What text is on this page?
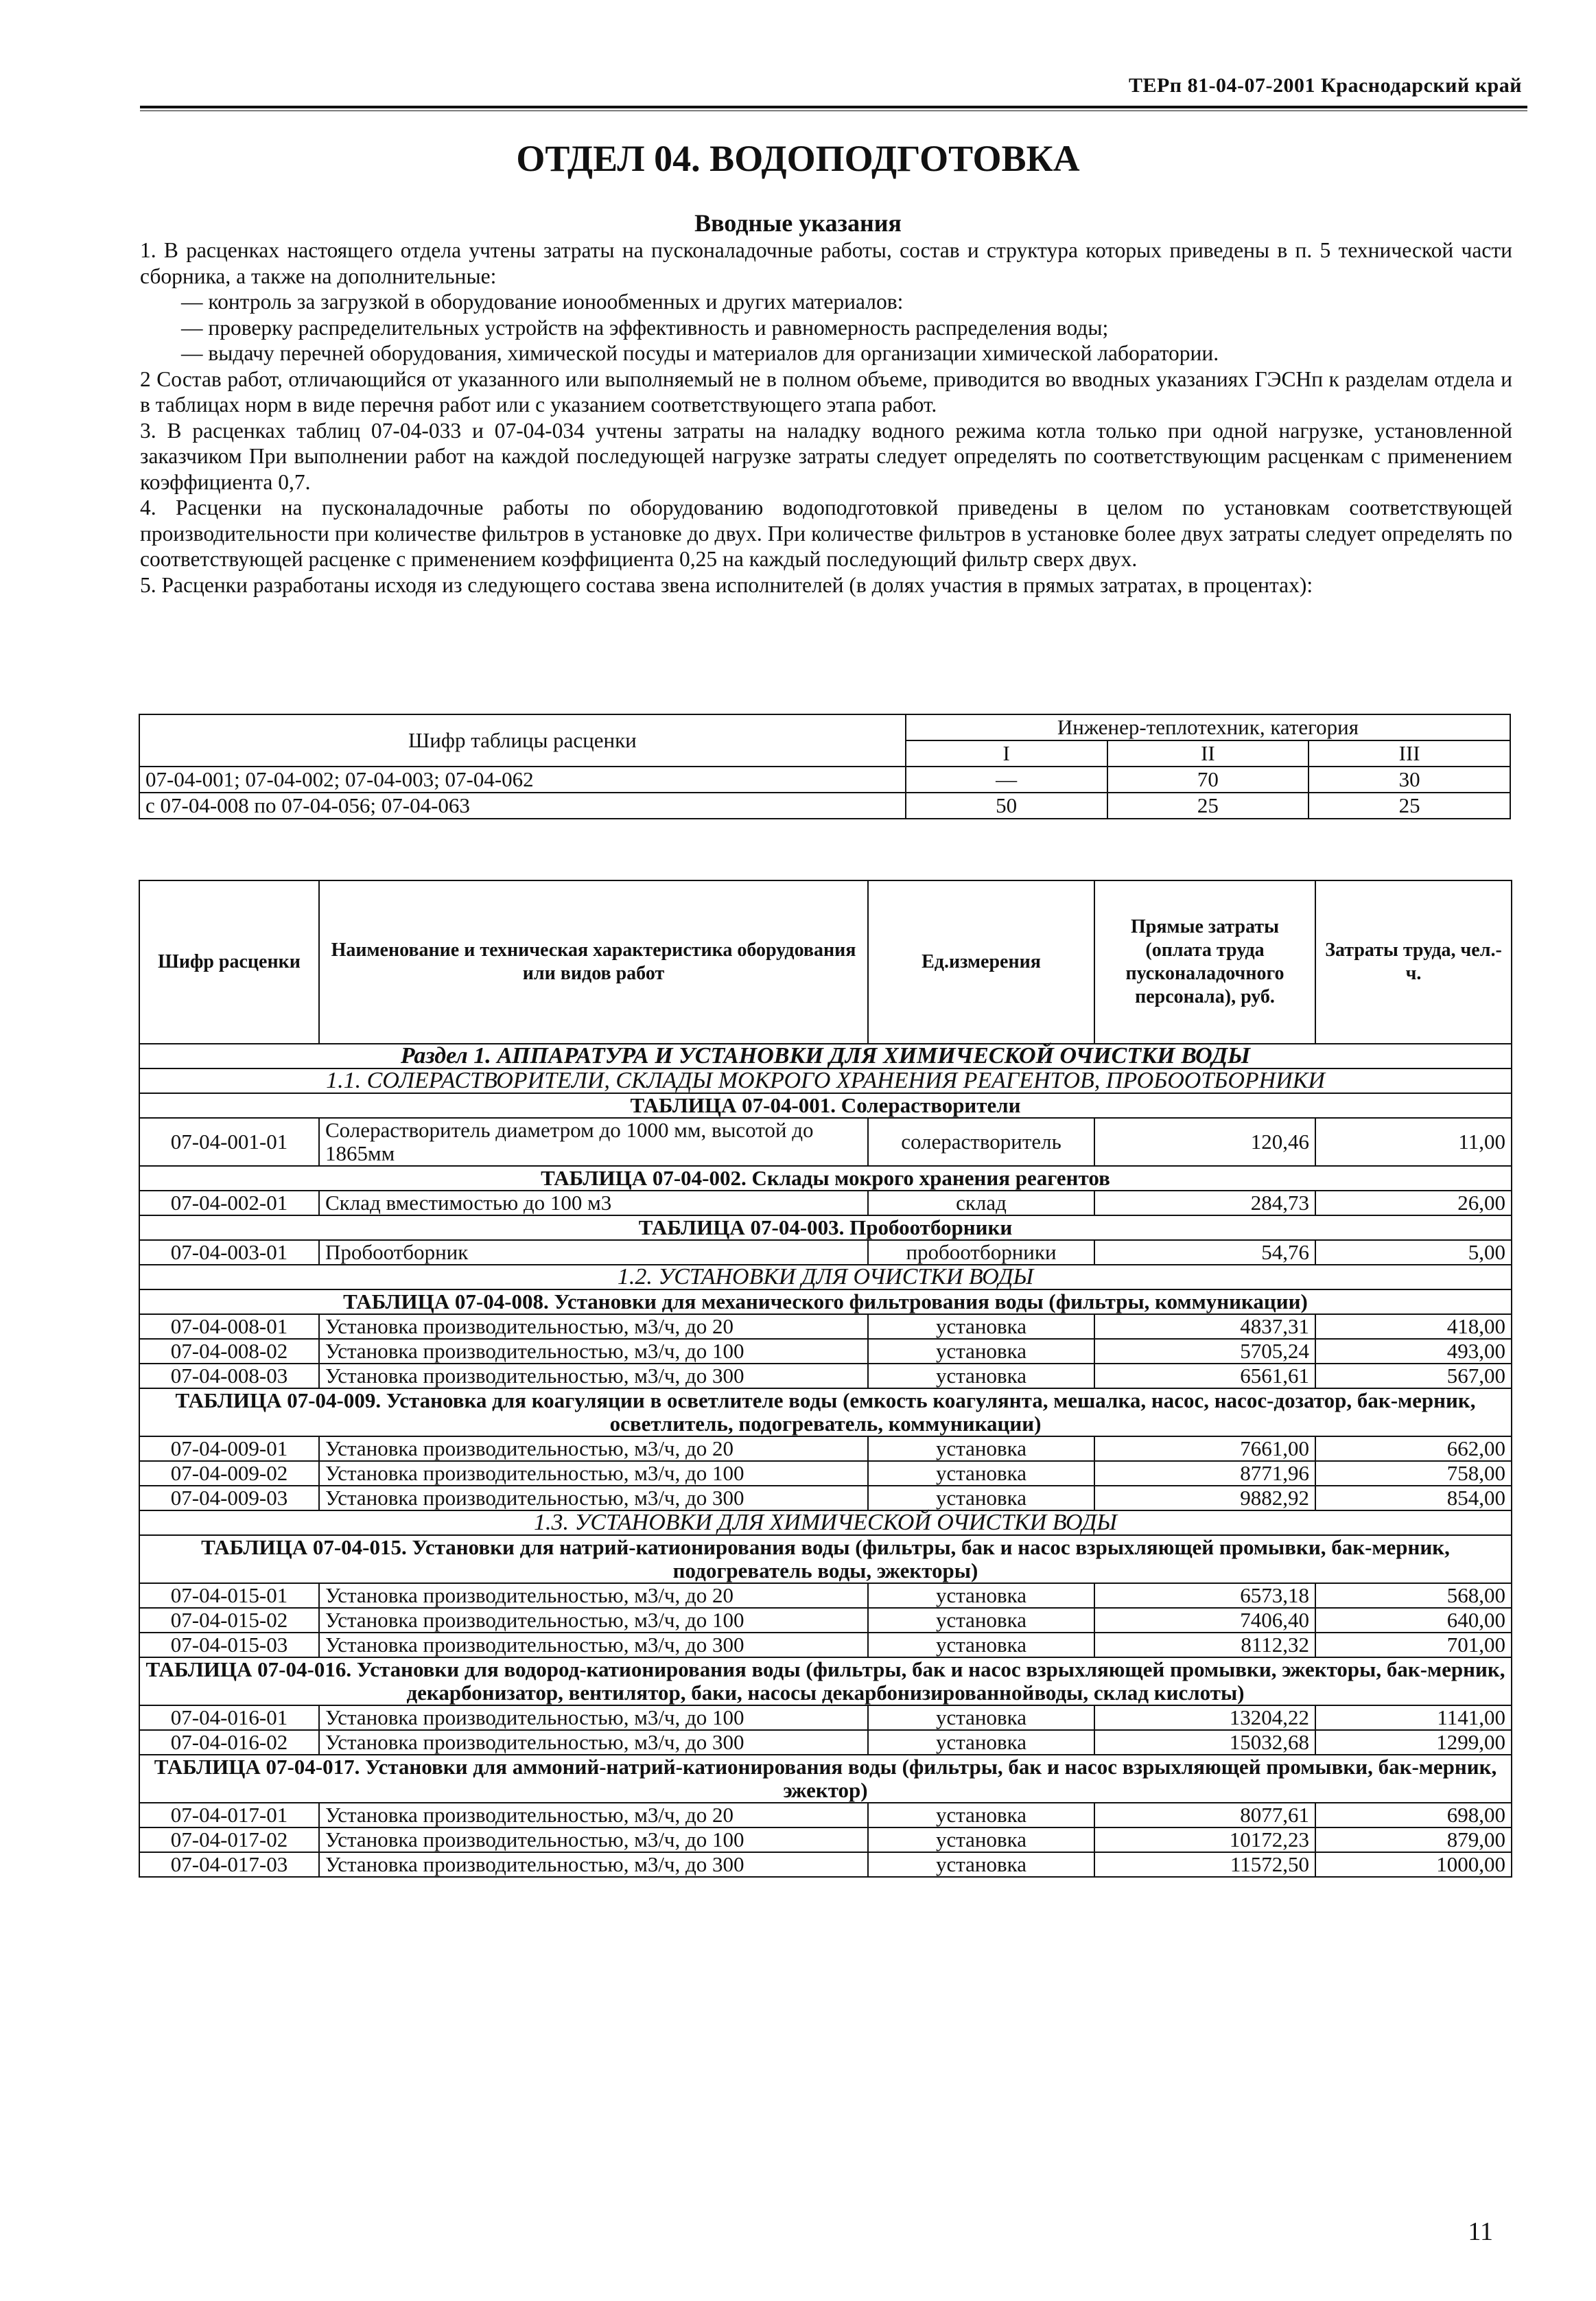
ТЕРп 81-04-07-2001 Краснодарский край
ОТДЕЛ 04. ВОДОПОДГОТОВКА
Вводные указания

1. В расценках настоящего отдела учтены затраты на пусконаладочные работы, состав и структура которых приведены в п. 5 технической части сборника, а также на дополнительные:

— контроль за загрузкой в оборудование ионообменных и других материалов:

— проверку распределительных устройств на эффективность и равномерность распределения воды;

— выдачу перечней оборудования, химической посуды и материалов для организации химической лаборатории.

2 Состав работ, отличающийся от указанного или выполняемый не в полном объеме, приводится во вводных указаниях ГЭСНп к разделам отдела и в таблицах норм в виде перечня работ или с указанием соответствующего этапа работ.

3. В расценках таблиц 07-04-033 и 07-04-034 учтены затраты на наладку водного режима котла только при одной нагрузке, установленной заказчиком При выполнении работ на каждой последующей нагрузке затраты следует определять по соответствующим расценкам с применением коэффициента 0,7.

4. Расценки на пусконаладочные работы по оборудованию водоподготовкой приведены в целом по установкам соответствующей производительности при количестве фильтров в установке до двух. При количестве фильтров в установке более двух затраты следует определять по соответствующей расценке с применением коэффициента 0,25 на каждый последующий фильтр сверх двух.

5. Расценки разработаны исходя из следующего состава звена исполнителей (в долях участия в прямых затратах, в процентах):

Шифр таблицы расценки	Инженер-теплотехник, категория		
	I	II	III
07-04-001; 07-04-002; 07-04-003; 07-04-062	—	70	30
с 07-04-008 по 07-04-056; 07-04-063	50	25	25
Шифр расценки	Наименование и техническая характеристика оборудования или видов работ	Ед.измерения	Прямые затраты (оплата труда пусконаладочного персонала), руб.	Затраты труда, чел.-ч.
Раздел 1. АППАРАТУРА И УСТАНОВКИ ДЛЯ ХИМИЧЕСКОЙ ОЧИСТКИ ВОДЫ				
1.1. СОЛЕРАСТВОРИТЕЛИ, СКЛАДЫ МОКРОГО ХРАНЕНИЯ РЕАГЕНТОВ, ПРОБООТБОРНИКИ				
ТАБЛИЦА 07-04-001. Солерастворители				
07-04-001-01	Солерастворитель диаметром до 1000 мм, высотой до 1865мм	солерастворитель	120,46	11,00
ТАБЛИЦА 07-04-002. Склады мокрого хранения реагентов				
07-04-002-01	Склад вместимостью до 100 м3	склад	284,73	26,00
ТАБЛИЦА 07-04-003. Пробоотборники				
07-04-003-01	Пробоотборник	пробоотборники	54,76	5,00
1.2. УСТАНОВКИ ДЛЯ ОЧИСТКИ ВОДЫ				
ТАБЛИЦА 07-04-008. Установки для механического фильтрования воды (фильтры, коммуникации)				
07-04-008-01	Установка производительностью, м3/ч, до 20	установка	4837,31	418,00
07-04-008-02	Установка производительностью, м3/ч, до 100	установка	5705,24	493,00
07-04-008-03	Установка производительностью, м3/ч, до 300	установка	6561,61	567,00
ТАБЛИЦА 07-04-009. Установка для коагуляции в осветлителе воды (емкость коагулянта, мешалка, насос, насос-дозатор, бак-мерник, осветлитель, подогреватель, коммуникации)				
07-04-009-01	Установка производительностью, м3/ч, до 20	установка	7661,00	662,00
07-04-009-02	Установка производительностью, м3/ч, до 100	установка	8771,96	758,00
07-04-009-03	Установка производительностью, м3/ч, до 300	установка	9882,92	854,00
1.3. УСТАНОВКИ ДЛЯ ХИМИЧЕСКОЙ ОЧИСТКИ ВОДЫ				
ТАБЛИЦА 07-04-015. Установки для натрий-катионирования воды (фильтры, бак и насос взрыхляющей промывки, бак-мерник, подогреватель воды, эжекторы)				
07-04-015-01	Установка производительностью, м3/ч, до 20	установка	6573,18	568,00
07-04-015-02	Установка производительностью, м3/ч, до 100	установка	7406,40	640,00
07-04-015-03	Установка производительностью, м3/ч, до 300	установка	8112,32	701,00
ТАБЛИЦА 07-04-016. Установки для водород-катионирования воды (фильтры, бак и насос взрыхляющей промывки, эжекторы, бак-мерник, декарбонизатор, вентилятор, баки, насосы декарбонизированнойводы, склад кислоты)				
07-04-016-01	Установка производительностью, м3/ч, до 100	установка	13204,22	1141,00
07-04-016-02	Установка производительностью, м3/ч, до 300	установка	15032,68	1299,00
ТАБЛИЦА 07-04-017. Установки для аммоний-натрий-катионирования воды (фильтры, бак и насос взрыхляющей промывки, бак-мерник, эжектор)				
07-04-017-01	Установка производительностью, м3/ч, до 20	установка	8077,61	698,00
07-04-017-02	Установка производительностью, м3/ч, до 100	установка	10172,23	879,00
07-04-017-03	Установка производительностью, м3/ч, до 300	установка	11572,50	1000,00
11
